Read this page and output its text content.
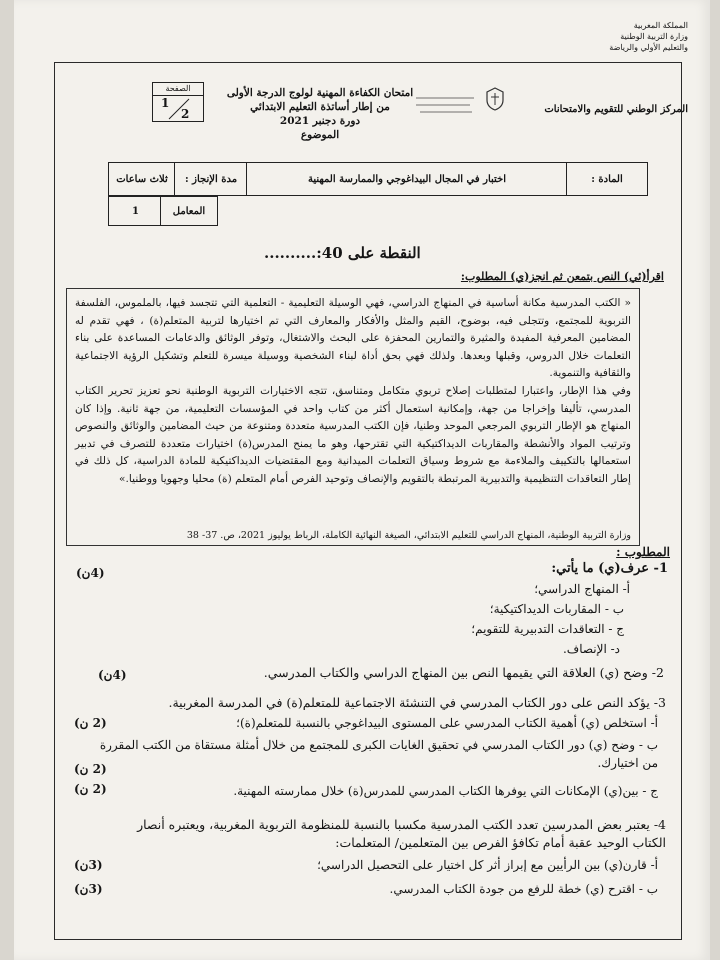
المملكة المغربية
وزارة التربية الوطنية
والتعليم الأولي والرياضة
المركز الوطني للتقويم والامتحانات
امتحان الكفاءة المهنية لولوج الدرجة الأولى
من إطار أساتذة التعليم الابتدائي
دورة دجنبر 2021
الموضوع
الصفحة
1
2
المادة :
اختبار في المجال البيداغوجي والممارسة المهنية
مدة الإنجاز :
ثلاث ساعات
المعامل
1
النقطة على 40:..........
اقرأ(ئي) النص بتمعن ثم انجز(ي) المطلوب:

« الكتب المدرسية مكانة أساسية في المنهاج الدراسي، فهي الوسيلة التعليمية - التعلمية التي تتجسد فيها، بالملموس، الفلسفة التربوية للمجتمع، وتتجلى فيه، بوضوح، القيم والمثل والأفكار والمعارف التي تم اختيارها لتربية المتعلم(ة) ، فهي تقدم له المضامين المعرفية المفيدة والمثيرة والتمارين المحفزة على البحث والاشتغال، وتوفر الوثائق والدعامات المساعدة على بناء التعلمات خلال الدروس، وقبلها وبعدها. ولذلك فهي بحق أداة لبناء الشخصية ووسيلة ميسرة للتعلم وتشكيل الرؤية الاجتماعية والثقافية والتنموية.

وفي هذا الإطار، واعتبارا لمتطلبات إصلاح تربوي متكامل ومتناسق، تتجه الاختيارات التربوية الوطنية نحو تعزيز تحرير الكتاب المدرسي، تأليفا وإخراجا من جهة، وإمكانية استعمال أكثر من كتاب واحد في المؤسسات التعليمية، من جهة ثانية. وإذا كان المنهاج هو الإطار التربوي المرجعي الموحد وطنيا، فإن الكتب المدرسية متعددة ومتنوعة من حيث المضامين والوثائق والنصوص وترتيب المواد والأنشطة والمقاربات الديداكتيكية التي تقترحها، وهو ما يمنح المدرس(ة) اختيارات متعددة للتصرف في تدبير استعمالها بالتكييف والملاءمة مع شروط وسياق التعلمات الميدانية ومع المقتضيات الديداكتيكية للمادة الدراسية، كل ذلك في إطار التعاقدات التنظيمية والتدبيرية المرتبطة بالتقويم والإنصاف وتوحيد الفرص أمام المتعلم (ة) محليا وجهويا ووطنيا.»

وزارة التربية الوطنية، المنهاج الدراسي للتعليم الابتدائي، الصيغة النهائية الكاملة، الرباط يوليوز 2021، ص. 37- 38
المطلوب :
1- عرف(ي) ما يأتي:
(4ن)
أ- المنهاج الدراسي؛
ب - المقاربات الديداكتيكية؛
ج - التعاقدات التدبيرية للتقويم؛
د- الإنصاف.
2- وضح (ي) العلاقة التي يقيمها النص بين المنهاج الدراسي والكتاب المدرسي.
(4ن)
3- يؤكد النص على دور الكتاب المدرسي في التنشئة الاجتماعية للمتعلم(ة) في المدرسة المغربية.
أ- استخلص (ي) أهمية الكتاب المدرسي على المستوى البيداغوجي بالنسبة للمتعلم(ة)؛
(2 ن)
ب - وضح (ي) دور الكتاب المدرسي في تحقيق الغايات الكبرى للمجتمع من خلال أمثلة مستقاة من الكتب المقررة من اختيارك.
(2 ن)
ج - بين(ي) الإمكانات التي يوفرها الكتاب المدرسي للمدرس(ة) خلال ممارسته المهنية.
(2 ن)
4- يعتبر بعض المدرسين تعدد الكتب المدرسية مكسبا بالنسبة للمنظومة التربوية المغربية، ويعتبره أنصار الكتاب الوحيد عقبة أمام تكافؤ الفرص بين المتعلمين/ المتعلمات:
أ- قارن(ي) بين الرأيين مع إبراز أثر كل اختيار على التحصيل الدراسي؛
(3ن)
ب - اقترح (ي) خطة للرفع من جودة الكتاب المدرسي.
(3ن)
